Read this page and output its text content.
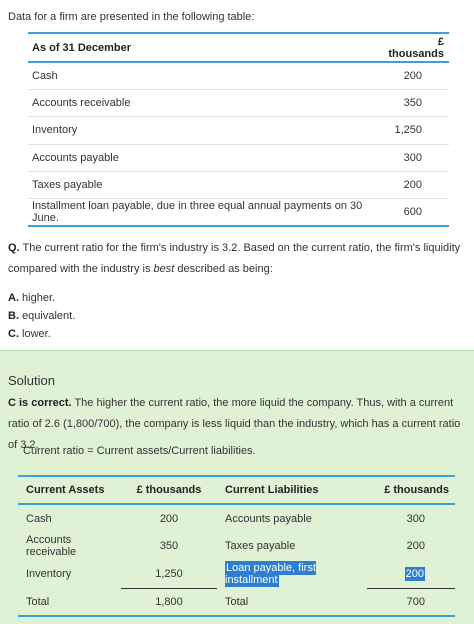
Data for a firm are presented in the following table:
As of 31 December	£ thousands
Cash	200
Accounts receivable	350
Inventory	1,250
Accounts payable	300
Taxes payable	200
Installment loan payable, due in three equal annual payments on 30 June.	600
Q. The current ratio for the firm's industry is 3.2. Based on the current ratio, the firm's liquidity compared with the industry is best described as being:
A. higher.
B. equivalent.
C. lower.
Solution
C is correct. The higher the current ratio, the more liquid the company. Thus, with a current ratio of 2.6 (1,800/700), the company is less liquid than the industry, which has a current ratio of 3.2.
Current ratio = Current assets/Current liabilities.
Current Assets	£ thousands	Current Liabilities	£ thousands
Cash	200	Accounts payable	300
Accounts receivable	350	Taxes payable	200
Inventory	1,250	Loan payable, first installment	200
Total	1,800	Total	700
